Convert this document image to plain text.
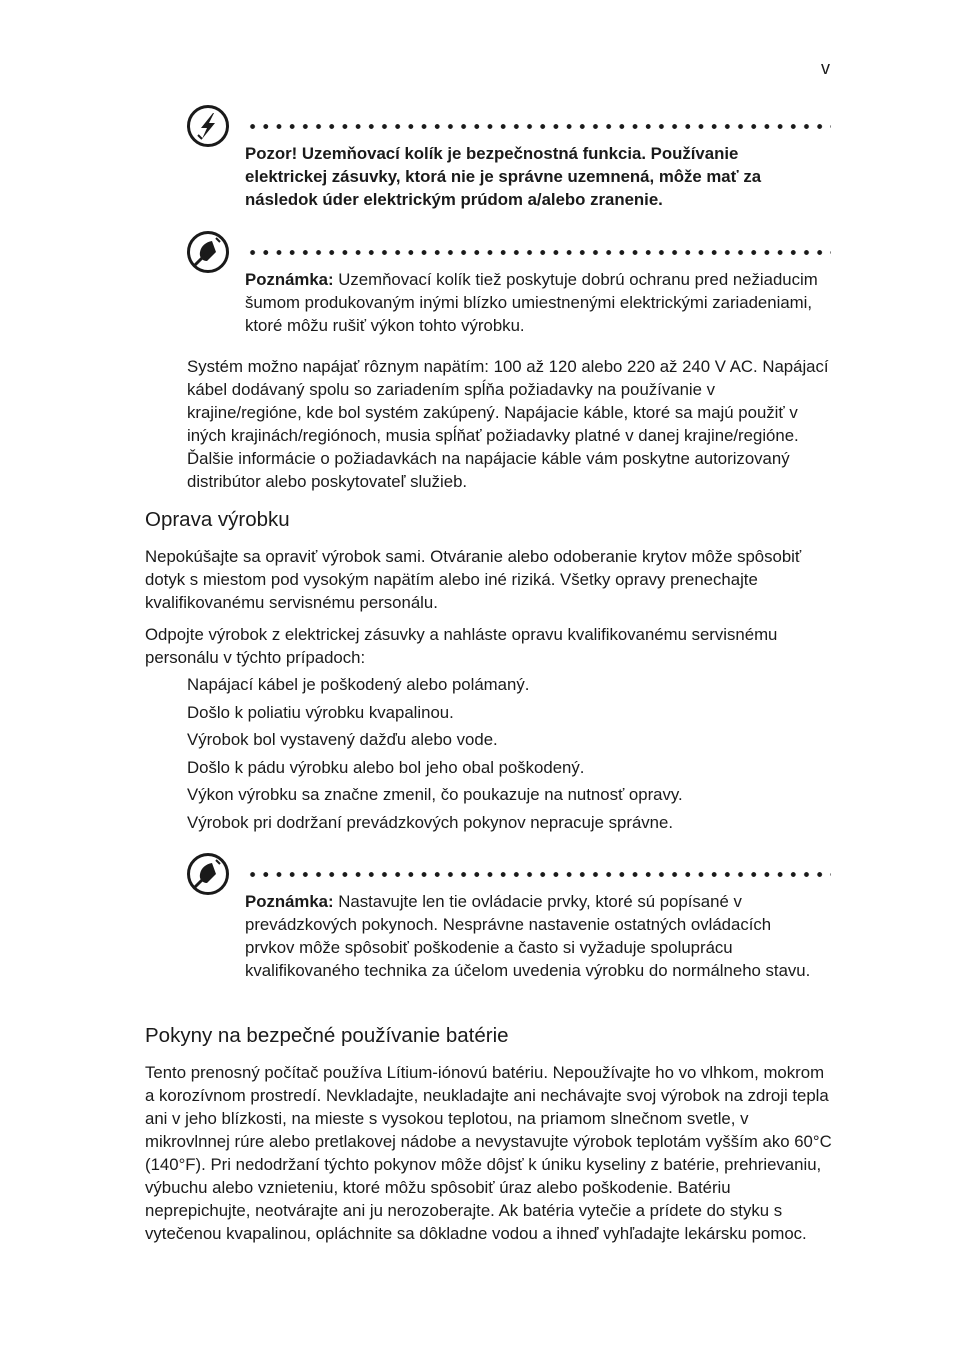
v
Pozor! Uzemňovací kolík je bezpečnostná funkcia. Používanie elektrickej zásuvky, ktorá nie je správne uzemnená, môže mať za následok úder elektrickým prúdom a/alebo zranenie.
Poznámka: Uzemňovací kolík tiež poskytuje dobrú ochranu pred nežiaducim šumom produkovaným inými blízko umiestnenými elektrickými zariadeniami, ktoré môžu rušiť výkon tohto výrobku.

Systém možno napájať rôznym napätím: 100 až 120 alebo 220 až 240 V AC. Napájací kábel dodávaný spolu so zariadením spĺňa požiadavky na používanie v krajine/regióne, kde bol systém zakúpený. Napájacie káble, ktoré sa majú použiť v iných krajinách/regiónoch, musia spĺňať požiadavky platné v danej krajine/regióne. Ďalšie informácie o požiadavkách na napájacie káble vám poskytne autorizovaný distribútor alebo poskytovateľ služieb.

Oprava výrobku

Nepokúšajte sa opraviť výrobok sami. Otváranie alebo odoberanie krytov môže spôsobiť dotyk s miestom pod vysokým napätím alebo iné riziká. Všetky opravy prenechajte kvalifikovanému servisnému personálu.

Odpojte výrobok z elektrickej zásuvky a nahláste opravu kvalifikovanému servisnému personálu v týchto prípadoch:

Napájací kábel je poškodený alebo polámaný.
Došlo k poliatiu výrobku kvapalinou.
Výrobok bol vystavený dažďu alebo vode.
Došlo k pádu výrobku alebo bol jeho obal poškodený.
Výkon výrobku sa značne zmenil, čo poukazuje na nutnosť opravy.
Výrobok pri dodržaní prevádzkových pokynov nepracuje správne.
Poznámka: Nastavujte len tie ovládacie prvky, ktoré sú popísané v prevádzkových pokynoch. Nesprávne nastavenie ostatných ovládacích prvkov môže spôsobiť poškodenie a často si vyžaduje spoluprácu kvalifikovaného technika za účelom uvedenia výrobku do normálneho stavu.
Pokyny na bezpečné používanie batérie

Tento prenosný počítač používa Lítium-iónovú batériu. Nepoužívajte ho vo vlhkom, mokrom a korozívnom prostredí. Nevkladajte, neukladajte ani nechávajte svoj výrobok na zdroji tepla ani v jeho blízkosti, na mieste s vysokou teplotou, na priamom slnečnom svetle, v mikrovlnnej rúre alebo pretlakovej nádobe a nevystavujte výrobok teplotám vyšším ako 60°C (140°F). Pri nedodržaní týchto pokynov môže dôjsť k úniku kyseliny z batérie, prehrievaniu, výbuchu alebo vznieteniu, ktoré môžu spôsobiť úraz alebo poškodenie. Batériu neprepichujte, neotvárajte ani ju nerozoberajte. Ak batéria vytečie a prídete do styku s vytečenou kvapalinou, opláchnite sa dôkladne vodou a ihneď vyhľadajte lekársku pomoc.
